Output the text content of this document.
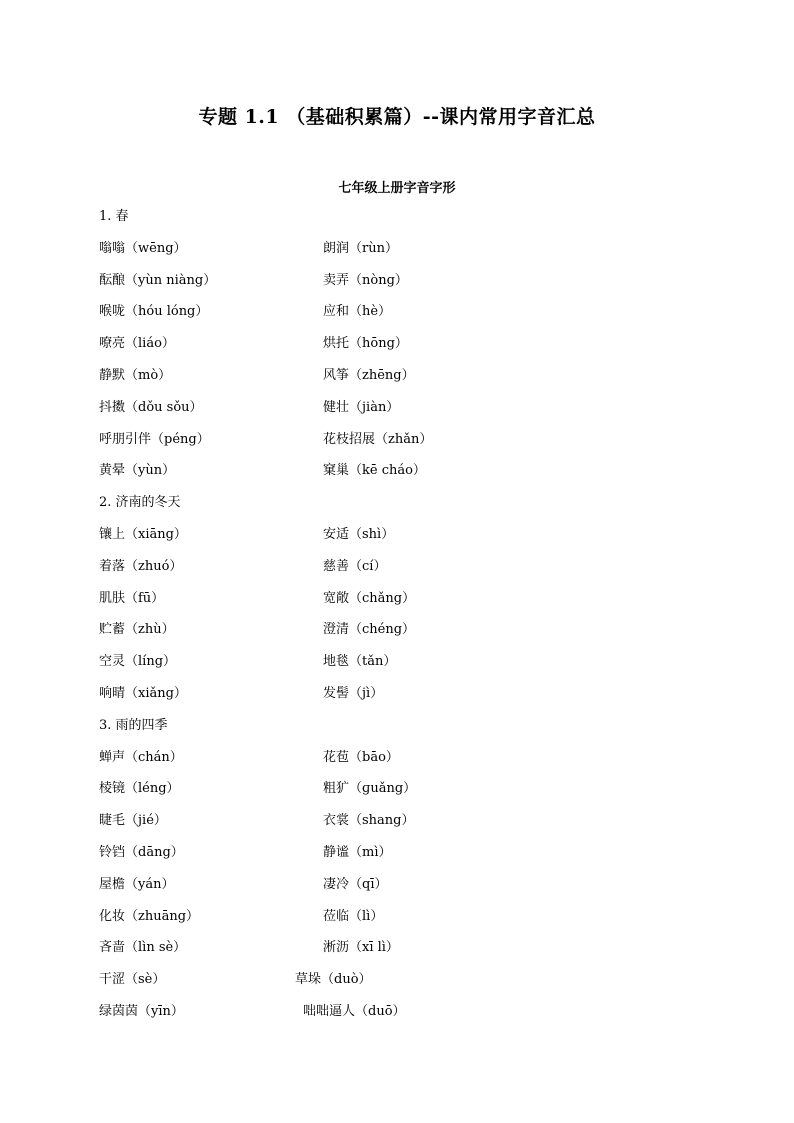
专题 1.1 （基础积累篇）--课内常用字音汇总
七年级上册字音字形
1. 春
嗡嗡（wēng）	朗润（rùn）
酝酿（yùn niàng）	卖弄（nòng）
喉咙（hóu lóng）	应和（hè）
嘹亮（liáo）	烘托（hōng）
静默（mò）	风筝（zhēng）
抖擞（dǒu sǒu）	健壮（jiàn）
呼朋引伴（péng）	花枝招展（zhǎn）
黄晕（yùn）	窠巢（kē cháo）
2. 济南的冬天
镶上（xiāng）	安适（shì）
着落（zhuó）	慈善（cí）
肌肤（fū）	宽敞（chǎng）
贮蓄（zhù）	澄清（chéng）
空灵（líng）	地毯（tǎn）
响晴（xiǎng）	发髻（jì）
3. 雨的四季
蝉声（chán）	花苞（bāo）
棱镜（léng）	粗犷（ɡuǎng）
睫毛（jié）	衣裳（shang）
铃铛（dāng）	静谧（mì）
屋檐（yán）	凄冷（qī）
化妆（zhuāng）	莅临（lì）
吝啬（lìn sè）	淅沥（xī lì）
干涩（sè）	草垛（duò）
绿茵茵（yīn）	咄咄逼人（duō）
